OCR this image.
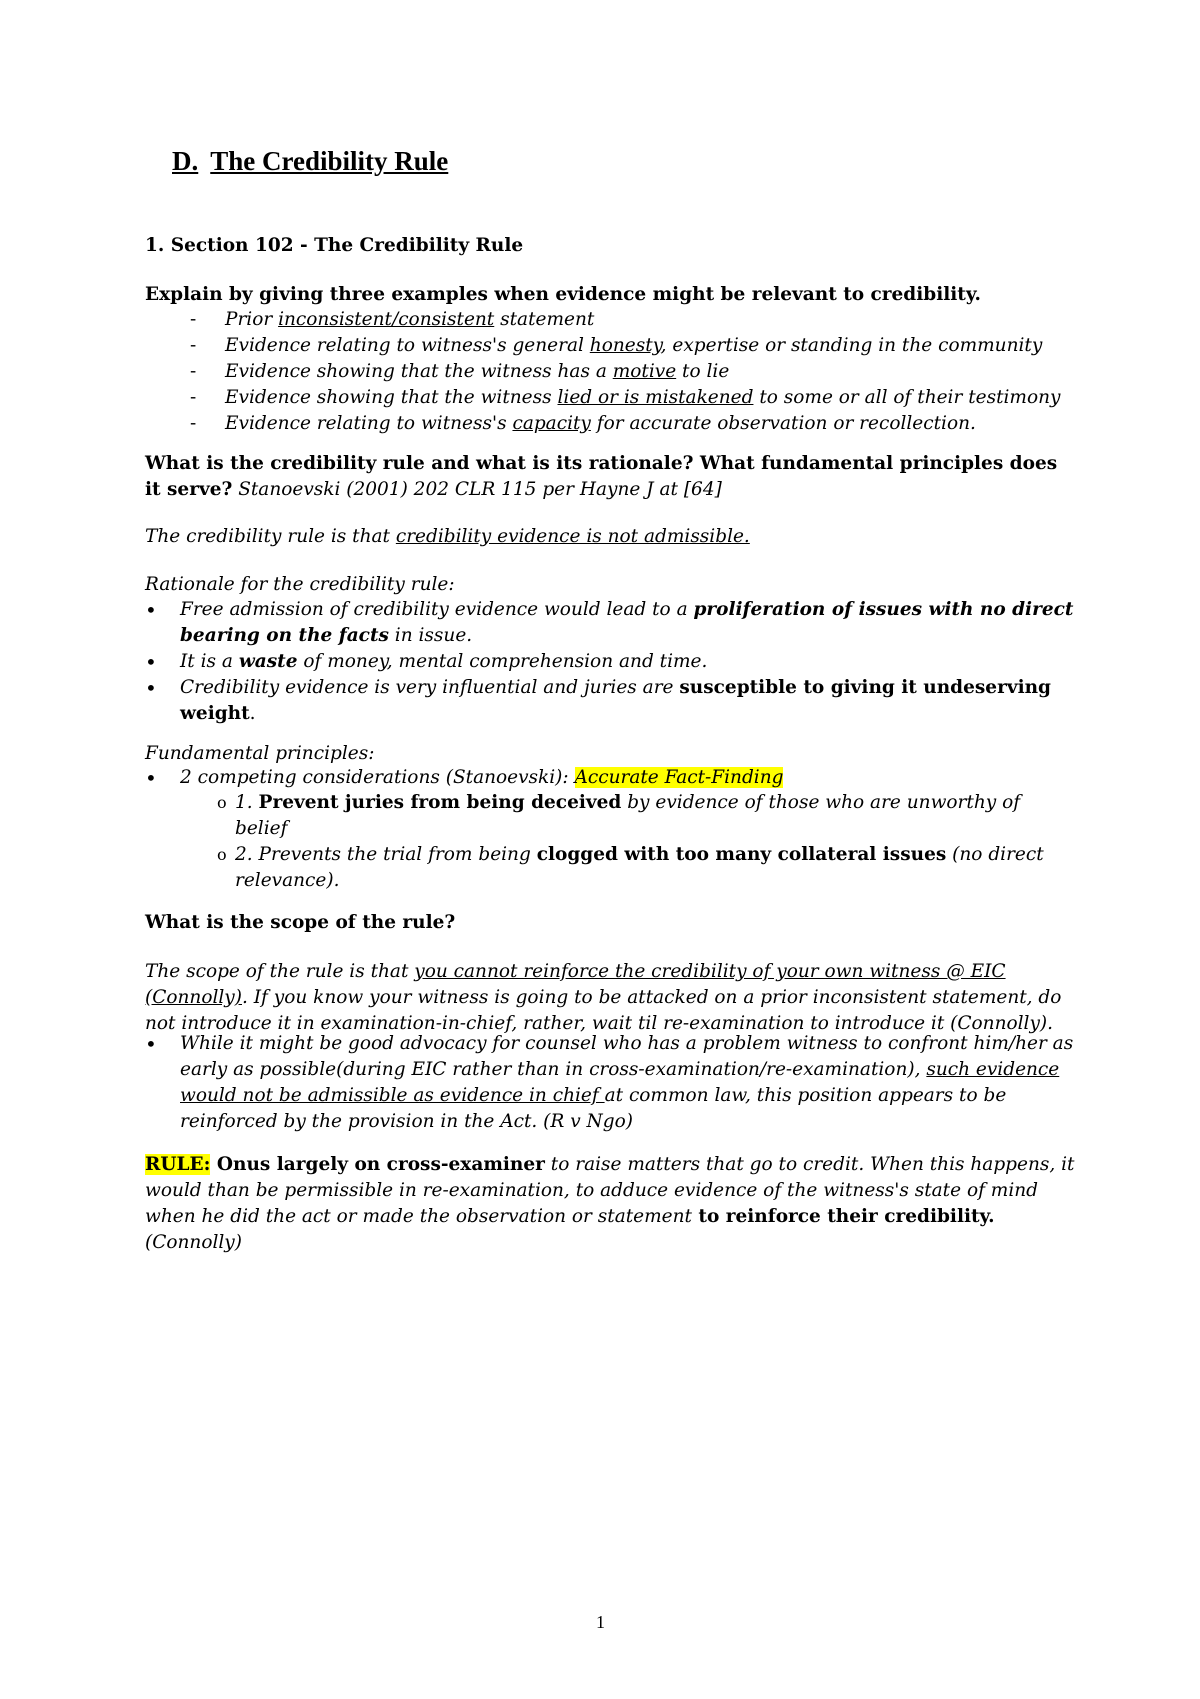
D. The Credibility Rule

1. Section 102 - The Credibility Rule

Explain by giving three examples when evidence might be relevant to credibility.

- Prior inconsistent/consistent statement
- Evidence relating to witness's general honesty, expertise or standing in the community
- Evidence showing that the witness has a motive to lie
- Evidence showing that the witness lied or is mistakened to some or all of their testimony
- Evidence relating to witness's capacity for accurate observation or recollection.

What is the credibility rule and what is its rationale? What fundamental principles does it serve? Stanoevski (2001) 202 CLR 115 per Hayne J at [64]

The credibility rule is that credibility evidence is not admissible.

Rationale for the credibility rule:

• Free admission of credibility evidence would lead to a proliferation of issues with no direct bearing on the facts in issue.
• It is a waste of money, mental comprehension and time.
• Credibility evidence is very influential and juries are susceptible to giving it undeserving weight.

Fundamental principles:

• 2 competing considerations (Stanoevski): Accurate Fact-Finding
o 1. Prevent juries from being deceived by evidence of those who are unworthy of belief
o 2. Prevents the trial from being clogged with too many collateral issues (no direct relevance).

What is the scope of the rule?

The scope of the rule is that you cannot reinforce the credibility of your own witness @ EIC (Connolly). If you know your witness is going to be attacked on a prior inconsistent statement, do not introduce it in examination-in-chief, rather, wait til re-examination to introduce it (Connolly).

• While it might be good advocacy for counsel who has a problem witness to confront him/her as early as possible(during EIC rather than in cross-examination/re-examination), such evidence would not be admissible as evidence in chief at common law, this position appears to be reinforced by the provision in the Act. (R v Ngo)

RULE: Onus largely on cross-examiner to raise matters that go to credit. When this happens, it would than be permissible in re-examination, to adduce evidence of the witness's state of mind when he did the act or made the observation or statement to reinforce their credibility. (Connolly)

1
